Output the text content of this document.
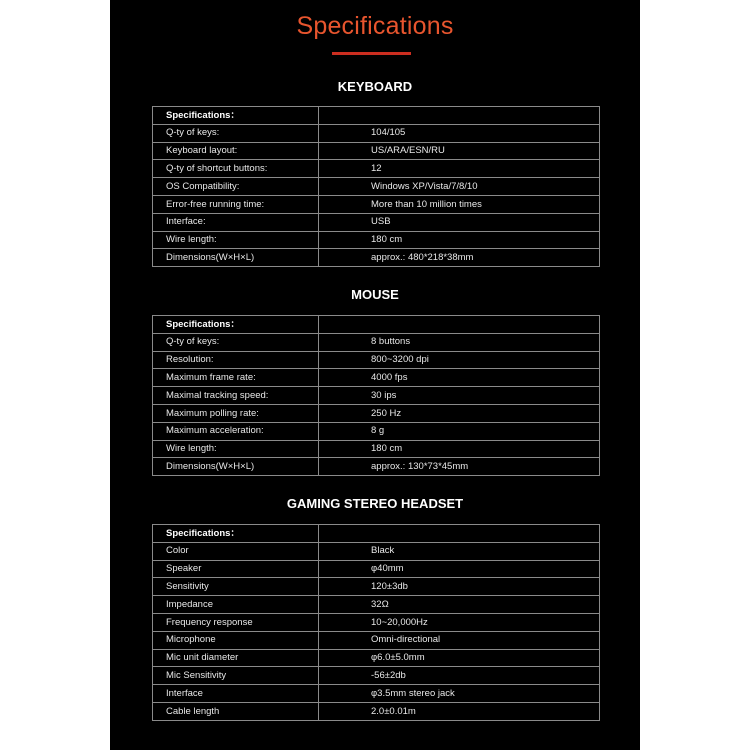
Specifications
KEYBOARD
Specifications：	
Q-ty of keys:	104/105
Keyboard layout:	US/ARA/ESN/RU
Q-ty of shortcut buttons:	12
OS Compatibility:	Windows XP/Vista/7/8/10
Error-free running time:	More than 10 million times
Interface:	USB
Wire length:	180 cm
Dimensions(W×H×L)	approx.: 480*218*38mm
MOUSE
Specifications：	
Q-ty of keys:	8 buttons
Resolution:	800~3200 dpi
Maximum frame rate:	4000 fps
Maximal tracking speed:	30 ips
Maximum polling rate:	250 Hz
Maximum acceleration:	8 g
Wire length:	180 cm
Dimensions(W×H×L)	approx.: 130*73*45mm
GAMING STEREO HEADSET
Specifications：	
Color	Black
Speaker	φ40mm
Sensitivity	120±3db
Impedance	32Ω
Frequency response	10~20,000Hz
Microphone	Omni-directional
Mic unit diameter	φ6.0±5.0mm
Mic Sensitivity	-56±2db
Interface	φ3.5mm stereo jack
Cable length	2.0±0.01m
